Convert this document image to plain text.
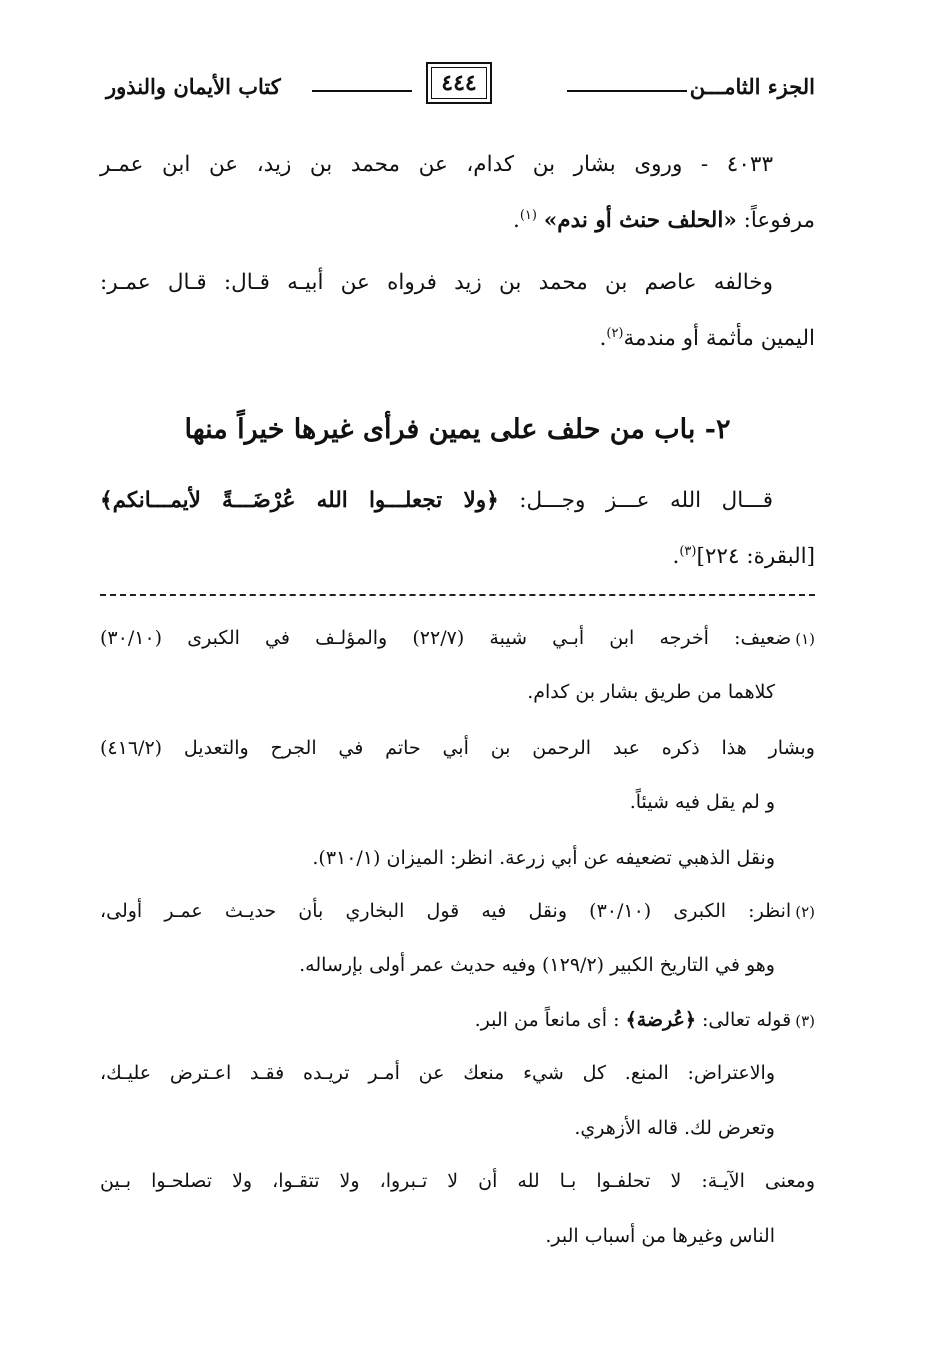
الجزء الثامـــن
٤٤٤
كتاب الأيمان والنذور
٤٠٣٣ - وروى بشار بن كدام، عن محمد بن زيد، عن ابن عمـر
مرفوعاً: «الحلف حنث أو ندم» $^{(١)}$.
وخالفه عاصم بن محمد بن زيد فرواه عن أبيـه قـال: قـال عمـر:
اليمين مأثمة أو مندمة$^{(٢)}$.
٢- باب من حلف على يمين فرأى غيرها خيراً منها
قـــال الله عـــز وجـــل: ﴿ولا تجعلـــوا الله عُرْضَـــةً لأيمـــانكم﴾
[البقرة: ٢٢٤]$^{(٣)}$.
(١)ضعيف: أخرجه ابن أبـي شيبة (٢٢/٧) والمؤلـف في الكبرى (٣٠/١٠)
كلاهما من طريق بشار بن كدام.
وبشار هذا ذكره عبد الرحمن بن أبي حاتم في الجرح والتعديل (٤١٦/٢)
و لم يقل فيه شيئاً.
ونقل الذهبي تضعيفه عن أبي زرعة. انظر: الميزان (٣١٠/١).
(٢)انظر: الكبرى (٣٠/١٠) ونقل فيه قول البخاري بأن حديـث عمـر أولى،
وهو في التاريخ الكبير (١٢٩/٢) وفيه حديث عمر أولى بإرساله.
(٣)قوله تعالى: ﴿عُرضة﴾ : أى مانعاً من البر.
والاعتراض: المنع. كل شيء منعك عن أمـر تريـده فقـد اعـترض عليـك،
وتعرض لك. قاله الأزهري.
ومعنى الآيـة: لا تحلفـوا بـا لله أن لا تـبروا، ولا تتقـوا، ولا تصلحـوا بـين
الناس وغيرها من أسباب البر.
